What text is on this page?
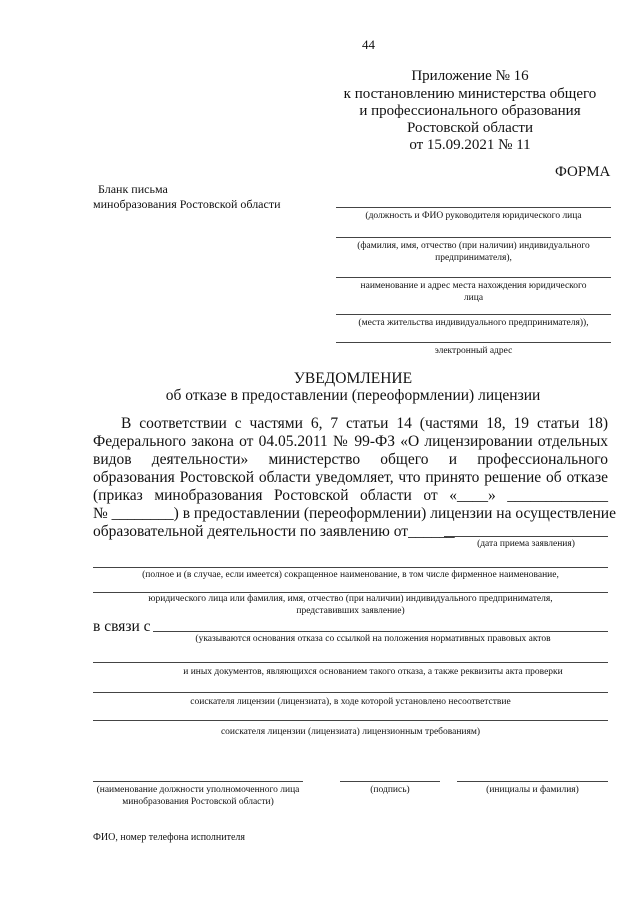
44
Приложение № 16
к постановлению министерства общего
и профессионального образования
Ростовской области
от 15.09.2021 № 11
ФОРМА
Бланк письма
минобразования Ростовской области
(должность и ФИО руководителя юридического лица
(фамилия, имя, отчество (при наличии) индивидуального
предпринимателя),
наименование и адрес места нахождения юридического
лица
(места жительства индивидуального предпринимателя)),
электронный адрес
УВЕДОМЛЕНИЕ
об отказе в предоставлении (переоформлении) лицензии
В соответствии с частями 6, 7 статьи 14 (частями 18, 19 статьи 18)
Федерального закона от 04.05.2011 № 99-ФЗ «О лицензировании отдельных
видов деятельности» министерство общего и профессионального
образования Ростовской области уведомляет, что принято решение об отказе
(приказ минобразования Ростовской области от «____» _____________
№ ________) в предоставлении (переоформлении) лицензии на осуществление
образовательной деятельности по заявлению от______
(дата приема заявления)
(полное и (в случае, если имеется) сокращенное наименование, в том числе фирменное наименование,
юридического лица или фамилия, имя, отчество (при наличии) индивидуального предпринимателя,
представивших заявление)
в связи с
(указываются основания отказа со ссылкой на положения нормативных правовых актов
и иных документов, являющихся основанием такого отказа, а также реквизиты акта проверки
соискателя лицензии (лицензиата), в ходе которой установлено несоответствие
соискателя лицензии (лицензиата) лицензионным требованиям)
(наименование должности уполномоченного лица
минобразования Ростовской области)
(подпись)	(инициалы и фамилия)
ФИО, номер телефона исполнителя
